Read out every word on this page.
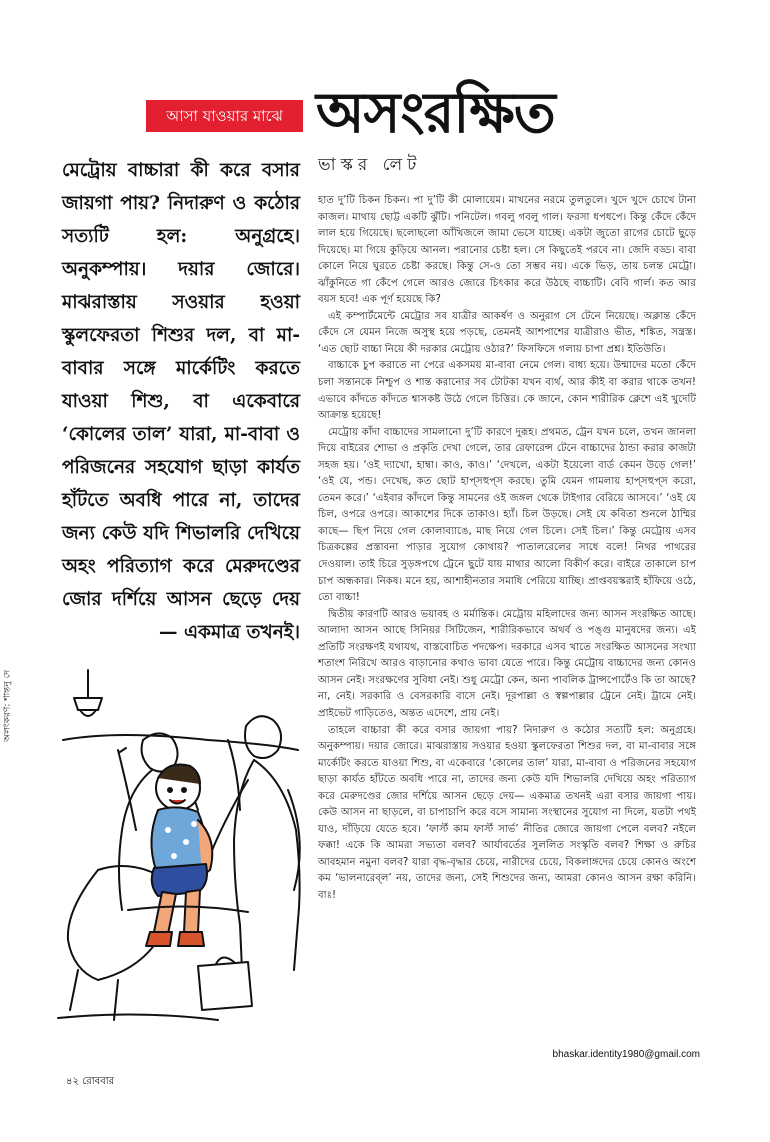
আসা যাওয়ার মাঝে অসংরক্ষিত
ভাস্কর লেট
মেট্রোয় বাচ্চারা কী করে বসার জায়গা পায়? নিদারুণ ও কঠোর সত্যটি হল: অনুগ্রহে। অনুকম্পায়। দয়ার জোরে। মাঝরাস্তায় সওয়ার হওয়া স্কুলফেরতা শিশুর দল, বা মা-বাবার সঙ্গে মার্কেটিং করতে যাওয়া শিশু, বা একেবারে ‘কোলের তাল’ যারা, মা-বাবা ও পরিজনের সহযোগ ছাড়া কার্যত হাঁটতে অবধি পারে না, তাদের জন্য কেউ যদি শিভালরি দেখিয়ে অহং পরিত্যাগ করে মেরুদণ্ডের জোর দর্শিয়ে আসন ছেড়ে দেয়— একমাত্র তখনই।

হাত দু’টি চিকন চিকন। পা দু’টি কী মোলায়েম। মাখনের নরমে তুলতুলে। খুদে খুদে চোখে টানা কাজল। মাথায় ছোট্ট একটি ঝুঁটি। পনিটেল। গবলু গবলু গাল। ফরসা ধপধপে। কিন্তু কেঁদে কেঁদে লাল হয়ে গিয়েছে। ছলোছলো আঁখিজলে জামা ভেসে যাচ্ছে। একটা জুতো রাগের চোটে ছুড়ে দিয়েছে। মা গিয়ে কুড়িয়ে আনল। পরানোর চেষ্টা হল। সে কিছুতেই পরবে না। জেদি বড্ড। বাবা কোলে নিয়ে ঘুরতে চেষ্টা করছে। কিন্তু সে-ও তো সম্ভব নয়। একে ভিড়, তায় চলন্ত মেট্রো। ঝাঁকুনিতে গা কেঁপে গেলে আরও জোরে চিৎকার করে উঠছে বাচ্চাটি। বেবি গার্ল। কত আর বয়স হবে! এক পূর্ণ হয়েছে কি?

এই কম্পার্টমেন্টে মেট্রোর সব যাত্রীর আকর্ষণ ও অনুরাগ সে টেনে নিয়েছে। অক্লান্ত কেঁদে কেঁদে সে যেমন নিজে অসুস্থ হয়ে পড়ছে, তেমনই আশপাশের যাত্রীরাও ভীত, শঙ্কিত, সন্ত্রস্ত। ‘এত ছোট বাচ্চা নিয়ে কী দরকার মেট্রোয় ওঠার?’ ফিসফিসে গলায় চাপা প্রশ্ন। ইতিউতি।

বাচ্চাকে চুপ করাতে না পেরে একসময় মা-বাবা নেমে গেল। বাধ্য হয়ে। উন্মাদের মতো কেঁদে চলা সন্তানকে নিশ্চুপ ও শান্ত করানোর সব টোটকা যখন ব্যর্থ, আর কীই বা করার থাকে তখন! এভাবে কাঁদতে কাঁদতে শ্বাসকষ্ট উঠে গেলে চিত্তির। কে জানে, কোন শারীরিক ক্লেশে এই খুদেটি আক্রান্ত হয়েছে!

মেট্রোয় কাঁদা বাচ্চাদের সামলানো দু’টি কারণে দুরূহ। প্রথমত, ট্রেন যখন চলে, তখন জানলা দিয়ে বাইরের শোভা ও প্রকৃতি দেখা গেলে, তার রেফারেন্স টেনে বাচ্চাদের ঠান্ডা করার কাজটা সহজ হয়। ‘ওই দ্যাখো, হাম্বা। কাও, কাও।’ ‘দেখলে, একটা ইয়েলো বার্ড কেমন উড়ে গেল!’ ‘ওই যে, পন্ড। দেখেছ, কত ছোট হাপ্‌সহুপ্‌স করছে। তুমি যেমন গামলায় হাপ্‌সহুপ্‌স করো, তেমন করে।’ ‘এইবার কাঁদলে কিন্তু সামনের ওই জঙ্গল থেকে টাইগার বেরিয়ে আসবে।’ ‘ওই যে চিল, ওপরে ওপরে। আকাশের দিকে তাকাও। হ্যাঁ। চিল উড়ছে। সেই যে কবিতা শুনলে ঠাম্মির কাছে— ছিপ নিয়ে গেল কোলাব্যাঙে, মাছ নিয়ে গেল চিলে। সেই চিল।’ কিন্তু মেট্রোয় এসব চিত্রকল্পের প্রস্তাবনা পাড়ার সুযোগ কোথায়? পাতালরেলের সাধে বলে! নিথর পাথরের দেওয়াল। তাই চিরে সুড়ঙ্গপথে ট্রেনে ছুটে যায় মাথার আলো বিকীর্ণ করে। বাইরে তাকালে চাপ চাপ অন্ধকার। নিকষ। মনে হয়, আশাহীনতার সমাধি পেরিয়ে যাচ্ছি। প্রাপ্তবয়স্করাই হাঁফিয়ে ওঠে, তো বাচ্চা!

দ্বিতীয় কারণটি আরও ভয়াবহ ও মর্মান্তিক। মেট্রোয় মহিলাদের জন্য আসন সংরক্ষিত আছে। আলাদা আসন আছে সিনিয়র সিটিজেন, শারীরিকভাবে অথর্ব ও পঙ্গু মানুষদের জন্য। এই প্রতিটি সংরক্ষণই যথাযথ, বাস্তবোচিত পদক্ষেপ। দরকারে এসব খাতে সংরক্ষিত আসনের সংখ্যা শতাংশ নিরিখে আরও বাড়ানোর কথাও ভাবা যেতে পারে। কিন্তু মেট্রোয় বাচ্চাদের জন্য কোনও আসন নেই। সংরক্ষণের সুবিধা নেই। শুধু মেট্রো কেন, অন্য পাবলিক ট্রান্সপোর্টেও কি তা আছে? না, নেই। সরকারি ও বেসরকারি বাসে নেই। দূরপাল্লা ও স্বল্পপাল্লার ট্রেনে নেই। ট্রামে নেই। প্রাইভেট গাড়িতেও, অন্তত এদেশে, প্রায় নেই।

তাহলে বাচ্চারা কী করে বসার জায়গা পায়? নিদারুণ ও কঠোর সত্যটি হল: অনুগ্রহে। অনুকম্পায়। দয়ার জোরে। মাঝরাস্তায় সওয়ার হওয়া স্কুলফেরতা শিশুর দল, বা মা-বাবার সঙ্গে মার্কেটিং করতে যাওয়া শিশু, বা একেবারে ‘কোলের তাল’ যারা, মা-বাবা ও পরিজনের সহযোগ ছাড়া কার্যত হাঁটতে অবধি পারে না, তাদের জন্য কেউ যদি শিভালরি দেখিয়ে অহং পরিত্যাগ করে মেরুদণ্ডের জোর দর্শিয়ে আসন ছেড়ে দেয়— একমাত্র তখনই এরা বসার জায়গা পায়। কেউ আসন না ছাড়লে, বা চাপাচাপি করে বসে সামান্য সংস্থানের সুযোগ না দিলে, যতটা পথই যাও, দাঁড়িয়ে যেতে হবে। ‘ফার্স্ট কাম ফার্স্ট সার্ভ’ নীতির জোরে জায়গা পেলে বলব? নইলে ফক্কা! একে কি আমরা সভ্যতা বলব? আর্যাবর্তের সুললিত সংস্কৃতি বলব? শিক্ষা ও রুচির আবহমান নমুনা বলব? যারা বৃদ্ধ-বৃদ্ধার চেয়ে, নারীদের চেয়ে, বিকলাঙ্গদের চেয়ে কোনও অংশে কম ‘ভালনারেব্‌ল’ নয়, তাদের জন্য, সেই শিশুদের জন্য, আমরা কোনও আসন রক্ষা করিনি। বাঃ!

অলংকরণ: শান্তনু দে
bhaskar.identity1980@gmail.com
৪২ রোববার
